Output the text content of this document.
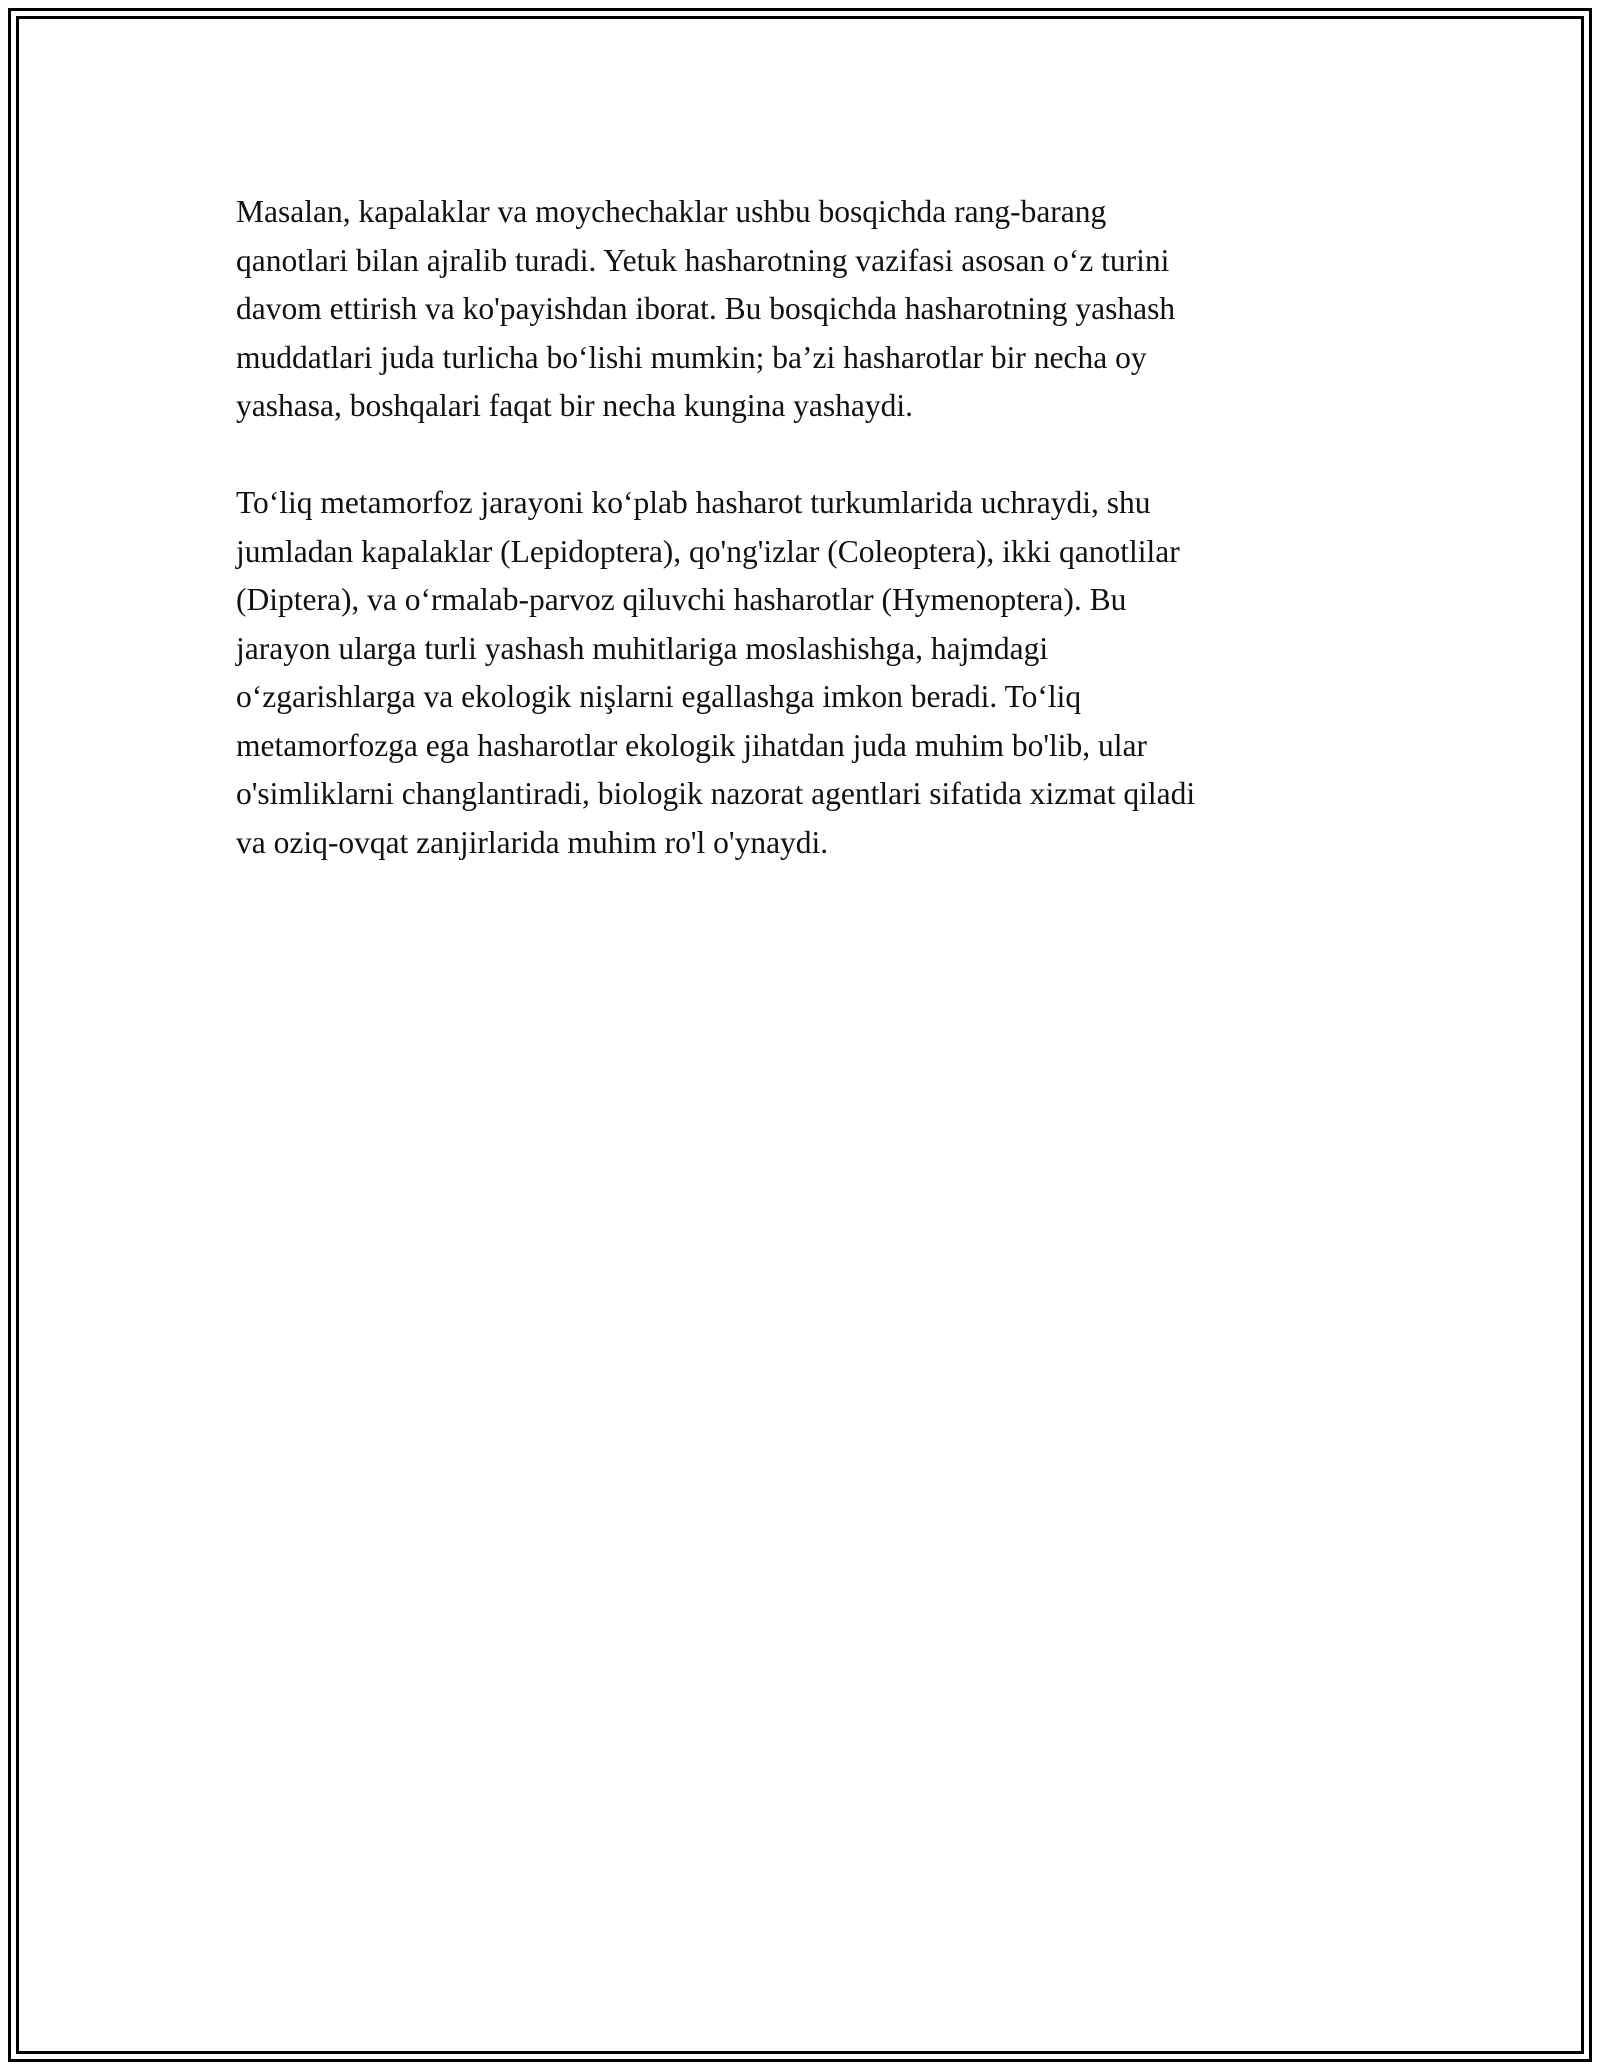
Masalan, kapalaklar va moychechaklar ushbu bosqichda rang-barang
qanotlari bilan ajralib turadi. Yetuk hasharotning vazifasi asosan o‘z turini
davom ettirish va ko'payishdan iborat. Bu bosqichda hasharotning yashash
muddatlari juda turlicha bo‘lishi mumkin; ba’zi hasharotlar bir necha oy
yashasa, boshqalari faqat bir necha kungina yashaydi.

To‘liq metamorfoz jarayoni ko‘plab hasharot turkumlarida uchraydi, shu
jumladan kapalaklar (Lepidoptera), qo'ng'izlar (Coleoptera), ikki qanotlilar
(Diptera), va o‘rmalab-parvoz qiluvchi hasharotlar (Hymenoptera). Bu
jarayon ularga turli yashash muhitlariga moslashishga, hajmdagi
o‘zgarishlarga va ekologik nişlarni egallashga imkon beradi. To‘liq
metamorfozga ega hasharotlar ekologik jihatdan juda muhim bo'lib, ular
o'simliklarni changlantiradi, biologik nazorat agentlari sifatida xizmat qiladi
va oziq-ovqat zanjirlarida muhim ro'l o'ynaydi.
